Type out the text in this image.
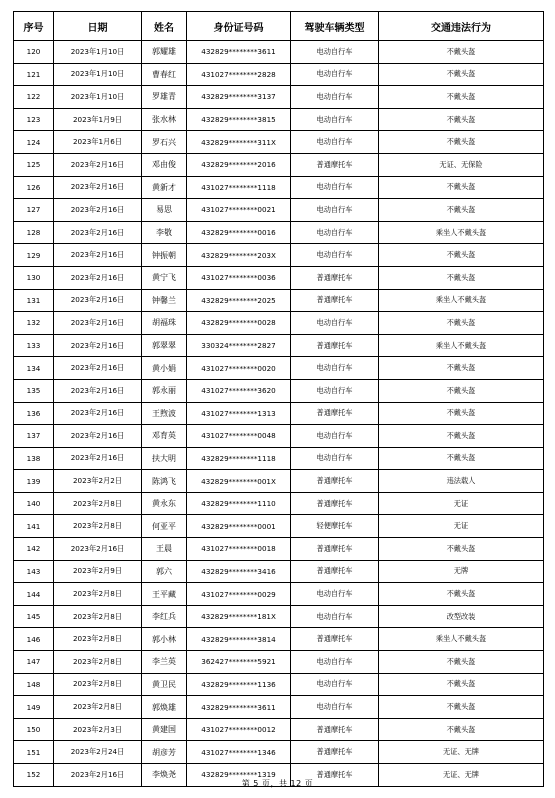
序号	日期	姓名	身份证号码	驾驶车辆类型	交通违法行为
120	2023年1月10日	郭耀雄	432829********3611	电动自行车	不戴头盔
121	2023年1月10日	曹春红	431027********2828	电动自行车	不戴头盔
122	2023年1月10日	罗雄青	432829********3137	电动自行车	不戴头盔
123	2023年1月9日	张水林	432829********3815	电动自行车	不戴头盔
124	2023年1月6日	罗石兴	432829********311X	电动自行车	不戴头盔
125	2023年2月16日	邓由俊	432829********2016	普通摩托车	无证、无保险
126	2023年2月16日	黄新才	431027********1118	电动自行车	不戴头盔
127	2023年2月16日	易思	431027********0021	电动自行车	不戴头盔
128	2023年2月16日	李敬	432829********0016	电动自行车	乘坐人不戴头盔
129	2023年2月16日	钟振朝	432829********203X	电动自行车	不戴头盔
130	2023年2月16日	黄宁飞	431027********0036	普通摩托车	不戴头盔
131	2023年2月16日	钟馨兰	432829********2025	普通摩托车	乘坐人不戴头盔
132	2023年2月16日	胡福珠	432829********0028	电动自行车	不戴头盔
133	2023年2月16日	郭翠翠	330324********2827	普通摩托车	乘坐人不戴头盔
134	2023年2月16日	黄小娟	431027********0020	电动自行车	不戴头盔
135	2023年2月16日	郭永丽	431027********3620	电动自行车	不戴头盔
136	2023年2月16日	王煦波	431027********1313	普通摩托车	不戴头盔
137	2023年2月16日	邓育英	431027********0048	电动自行车	不戴头盔
138	2023年2月16日	扶大明	432829********1118	电动自行车	不戴头盔
139	2023年2月2日	陈鸿飞	432829********001X	普通摩托车	违法载人
140	2023年2月8日	黄永东	432829********1110	普通摩托车	无证
141	2023年2月8日	何亚平	432829********0001	轻便摩托车	无证
142	2023年2月16日	王晨	431027********0018	普通摩托车	不戴头盔
143	2023年2月9日	郭六	432829********3416	普通摩托车	无牌
144	2023年2月8日	王平藏	431027********0029	电动自行车	不戴头盔
145	2023年2月8日	李红兵	432829********181X	电动自行车	改型改装
146	2023年2月8日	郭小林	432829********3814	普通摩托车	乘坐人不戴头盔
147	2023年2月8日	李兰英	362427********5921	电动自行车	不戴头盔
148	2023年2月8日	黄卫民	432829********1136	电动自行车	不戴头盔
149	2023年2月8日	郭焕雄	432829********3611	电动自行车	不戴头盔
150	2023年2月3日	黄建国	431027********0012	普通摩托车	不戴头盔
151	2023年2月24日	胡彦芳	431027********1346	普通摩托车	无证、无牌
152	2023年2月16日	李焕尧	432829********1319	普通摩托车	无证、无牌
第 5 页，共 12 页
